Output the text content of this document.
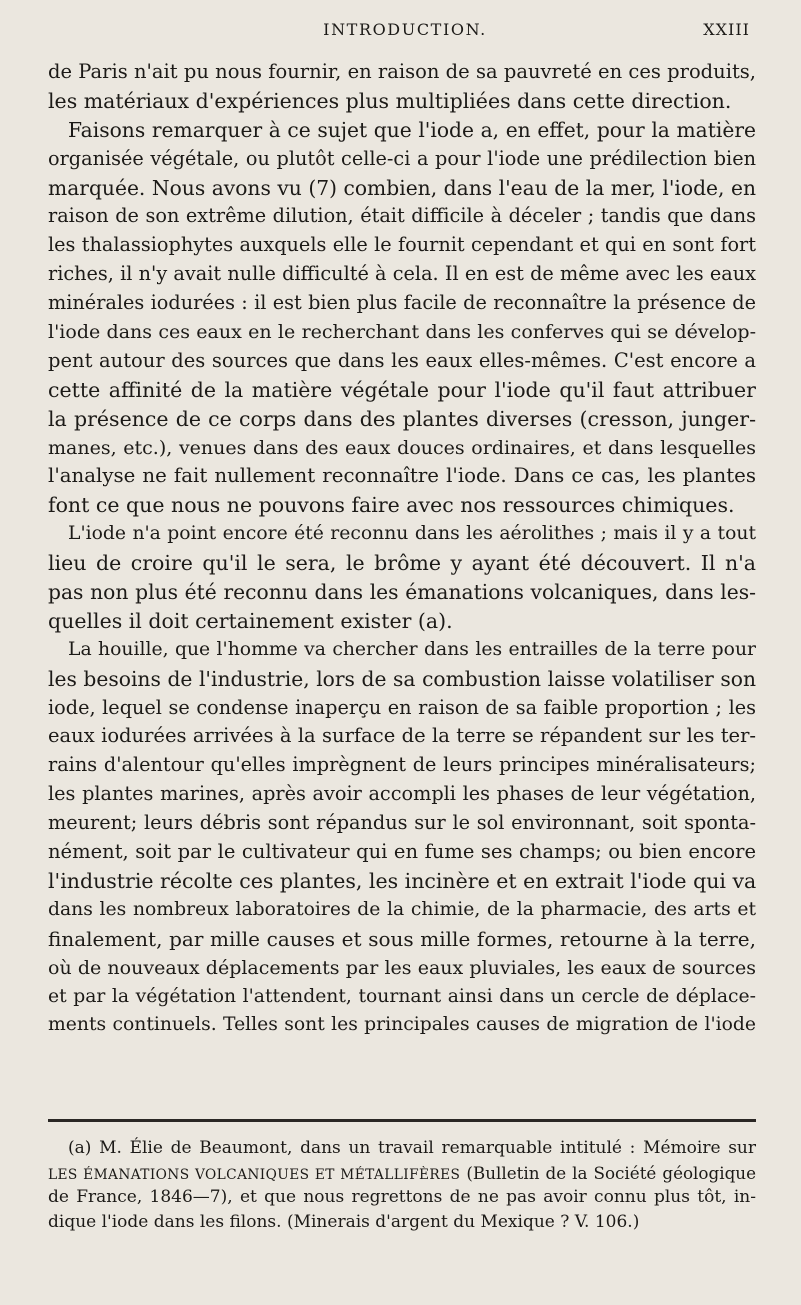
INTRODUCTION.	XXIII
de Paris n'ait pu nous fournir, en raison de sa pauvreté en ces produits,
les matériaux d'expériences plus multipliées dans cette direction.
Faisons remarquer à ce sujet que l'iode a, en effet, pour la matière
organisée végétale, ou plutôt celle-ci a pour l'iode une prédilection bien
marquée. Nous avons vu (7) combien, dans l'eau de la mer, l'iode, en
raison de son extrême dilution, était difficile à déceler ; tandis que dans
les thalassiophytes auxquels elle le fournit cependant et qui en sont fort
riches, il n'y avait nulle difficulté à cela. Il en est de même avec les eaux
minérales iodurées : il est bien plus facile de reconnaître la présence de
l'iode dans ces eaux en le recherchant dans les conferves qui se dévelop-
pent autour des sources que dans les eaux elles-mêmes. C'est encore a
cette affinité de la matière végétale pour l'iode qu'il faut attribuer
la présence de ce corps dans des plantes diverses (cresson, junger-
manes, etc.), venues dans des eaux douces ordinaires, et dans lesquelles
l'analyse ne fait nullement reconnaître l'iode. Dans ce cas, les plantes
font ce que nous ne pouvons faire avec nos ressources chimiques.
L'iode n'a point encore été reconnu dans les aérolithes ; mais il y a tout
lieu de croire qu'il le sera, le brôme y ayant été découvert. Il n'a
pas non plus été reconnu dans les émanations volcaniques, dans les-
quelles il doit certainement exister (a).
La houille, que l'homme va chercher dans les entrailles de la terre pour
les besoins de l'industrie, lors de sa combustion laisse volatiliser son
iode, lequel se condense inaperçu en raison de sa faible proportion ; les
eaux iodurées arrivées à la surface de la terre se répandent sur les ter-
rains d'alentour qu'elles imprègnent de leurs principes minéralisateurs;
les plantes marines, après avoir accompli les phases de leur végétation,
meurent; leurs débris sont répandus sur le sol environnant, soit sponta-
nément, soit par le cultivateur qui en fume ses champs; ou bien encore
l'industrie récolte ces plantes, les incinère et en extrait l'iode qui va
dans les nombreux laboratoires de la chimie, de la pharmacie, des arts et
finalement, par mille causes et sous mille formes, retourne à la terre,
où de nouveaux déplacements par les eaux pluviales, les eaux de sources
et par la végétation l'attendent, tournant ainsi dans un cercle de déplace-
ments continuels. Telles sont les principales causes de migration de l'iode
(a) M. Élie de Beaumont, dans un travail remarquable intitulé : Mémoire sur
LES ÉMANATIONS VOLCANIQUES ET MÉTALLIFÈRES (Bulletin de la Société géologique
de France, 1846—7), et que nous regrettons de ne pas avoir connu plus tôt, in-
dique l'iode dans les filons. (Minerais d'argent du Mexique ? V. 106.)
